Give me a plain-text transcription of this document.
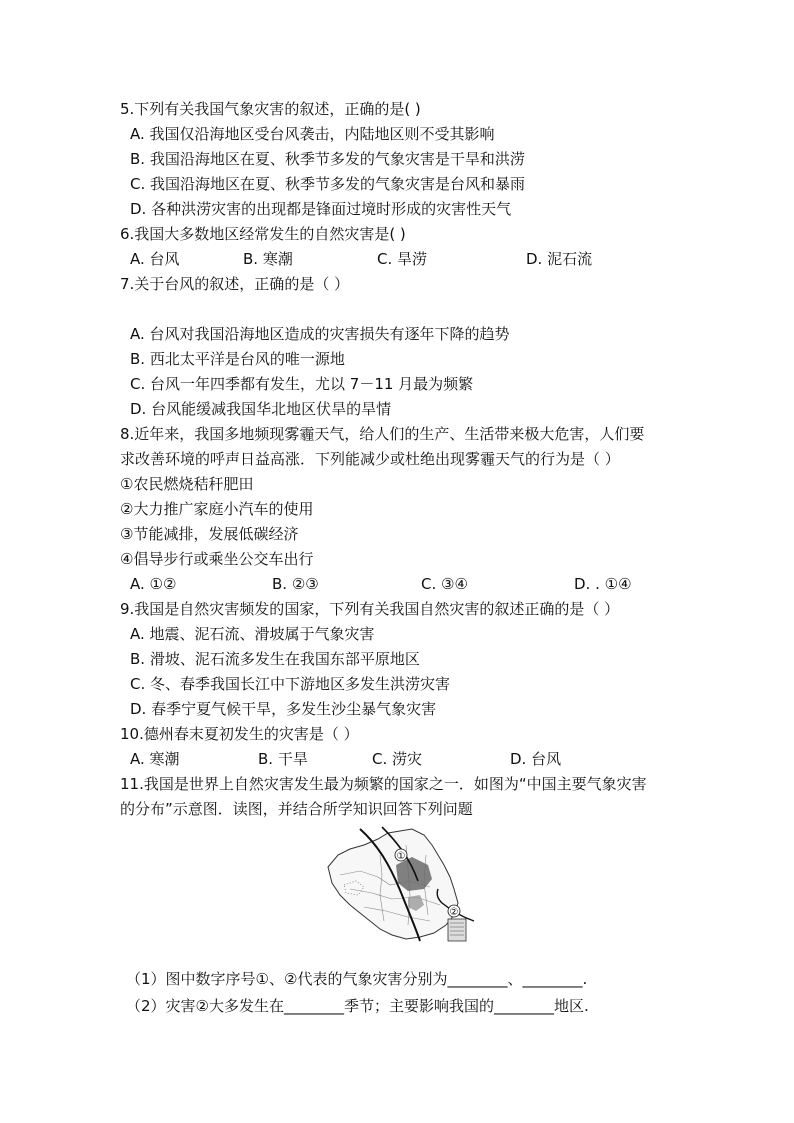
5.下列有关我国气象灾害的叙述，正确的是( )
A. 我国仅沿海地区受台风袭击，内陆地区则不受其影响
B. 我国沿海地区在夏、秋季节多发的气象灾害是干旱和洪涝
C. 我国沿海地区在夏、秋季节多发的气象灾害是台风和暴雨
D. 各种洪涝灾害的出现都是锋面过境时形成的灾害性天气
6.我国大多数地区经常发生的自然灾害是( )
A. 台风	B. 寒潮	C. 旱涝	D. 泥石流
7.关于台风的叙述，正确的是（ ）
A. 台风对我国沿海地区造成的灾害损失有逐年下降的趋势
B. 西北太平洋是台风的唯一源地
C. 台风一年四季都有发生，尤以 7－11 月最为频繁
D. 台风能缓减我国华北地区伏旱的旱情
8.近年来，我国多地频现雾霾天气，给人们的生产、生活带来极大危害，人们要
求改善环境的呼声日益高涨．下列能减少或杜绝出现雾霾天气的行为是（ ）
①农民燃烧秸秆肥田
②大力推广家庭小汽车的使用
③节能减排，发展低碳经济
④倡导步行或乘坐公交车出行
A. ①②	B. ②③	C. ③④	D. . ①④
9.我国是自然灾害频发的国家，下列有关我国自然灾害的叙述正确的是（ ）
A. 地震、泥石流、滑坡属于气象灾害
B. 滑坡、泥石流多发生在我国东部平原地区
C. 冬、春季我国长江中下游地区多发生洪涝灾害
D. 春季宁夏气候干旱，多发生沙尘暴气象灾害
10.德州春末夏初发生的灾害是（ ）
A. 寒潮	B. 干旱	C. 涝灾	D. 台风
11.我国是世界上自然灾害发生最为频繁的国家之一．如图为“中国主要气象灾害
的分布”示意图．读图，并结合所学知识回答下列问题
①
②
（1）图中数字序号①、②代表的气象灾害分别为________、________.
（2）灾害②大多发生在________季节；主要影响我国的________地区.
